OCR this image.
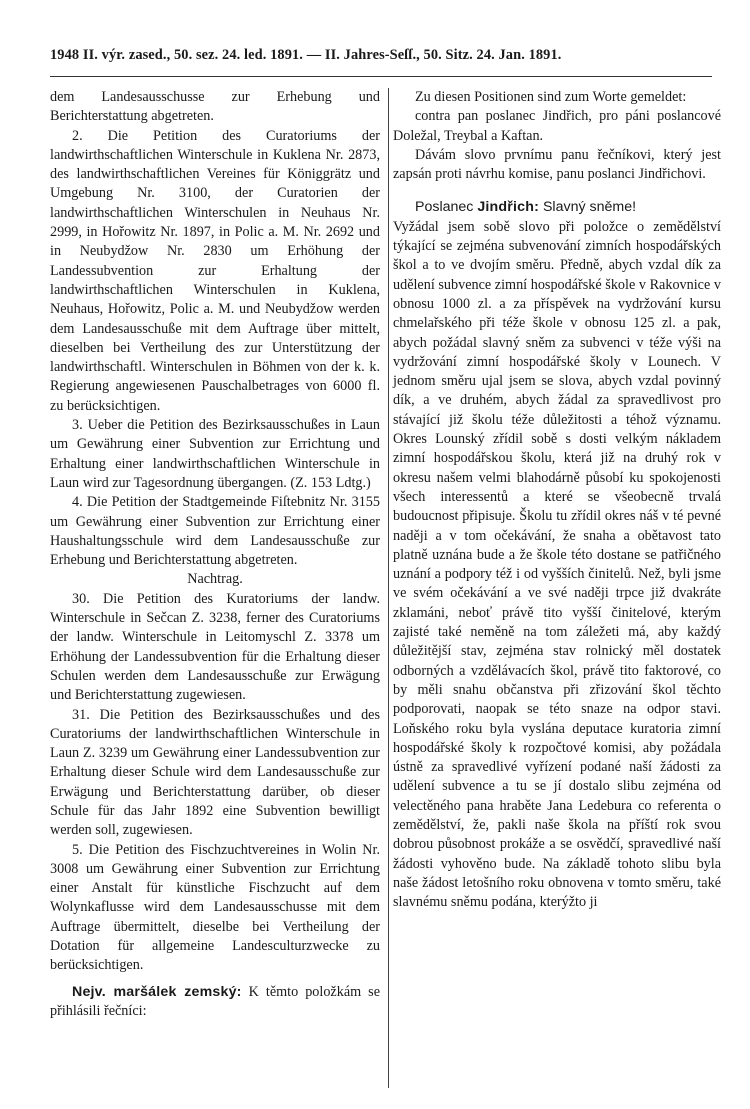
1948 II. výr. zased., 50. sez. 24. led. 1891. — II. Jahres-Seſſ., 50. Sitz. 24. Jan. 1891.

dem Landesausschusse zur Erhebung und Berichterstattung abgetreten.

2. Die Petition des Curatoriums der landwirthschaftlichen Winterschule in Kuklena Nr. 2873, des landwirthschaftlichen Vereines für Königgrätz und Umgebung Nr. 3100, der Curatorien der landwirthschaftlichen Winterschulen in Neuhaus Nr. 2999, in Hořowitz Nr. 1897, in Polic a. M. Nr. 2692 und in Neubydžow Nr. 2830 um Erhöhung der Landessubvention zur Erhaltung der landwirthschaftlichen Winterschulen in Kuklena, Neuhaus, Hořowitz, Polic a. M. und Neubydžow werden dem Landesausschuße mit dem Auftrage über mittelt, dieselben bei Vertheilung des zur Unterstützung der landwirthschaftl. Winterschulen in Böhmen von der k. k. Regierung angewiesenen Pauschalbetrages von 6000 fl. zu berücksichtigen.

3. Ueber die Petition des Bezirksausschußes in Laun um Gewährung einer Subvention zur Errichtung und Erhaltung einer landwirthschaftlichen Winterschule in Laun wird zur Tagesordnung übergangen. (Z. 153 Ldtg.)

4. Die Petition der Stadtgemeinde Fiſtebnitz Nr. 3155 um Gewährung einer Subvention zur Errichtung einer Haushaltungsschule wird dem Landesausschuße zur Erhebung und Berichterstattung abgetreten.

Nachtrag.

30. Die Petition des Kuratoriums der landw. Winterschule in Sečcan Z. 3238, ferner des Curatoriums der landw. Winterschule in Leitomyschl Z. 3378 um Erhöhung der Landessubvention für die Erhaltung dieser Schulen werden dem Landesausschuße zur Erwägung und Berichterstattung zugewiesen.

31. Die Petition des Bezirksausschußes und des Curatoriums der landwirthschaftlichen Winterschule in Laun Z. 3239 um Gewährung einer Landessubvention zur Erhaltung dieser Schule wird dem Landesausschuße zur Erwägung und Berichterstattung darüber, ob dieser Schule für das Jahr 1892 eine Subvention bewilligt werden soll, zugewiesen.

5. Die Petition des Fischzuchtvereines in Wolin Nr. 3008 um Gewährung einer Subvention zur Errichtung einer Anstalt für künstliche Fischzucht auf dem Wolynkaflusse wird dem Landesausschusse mit dem Auftrage übermittelt, dieselbe bei Vertheilung der Dotation für allgemeine Landesculturzwecke zu berücksichtigen.

Nejv. maršálek zemský: K těmto položkám se přihlásili řečníci:

Zu diesen Positionen sind zum Worte gemeldet:

contra pan poslanec Jindřich, pro páni poslancové Doležal, Treybal a Kaftan.

Dávám slovo prvnímu panu řečníkovi, který jest zapsán proti návrhu komise, panu poslanci Jindřichovi.

Poslanec Jindřich: Slavný sněme!

Vyžádal jsem sobě slovo při položce o zemědělství týkající se zejména subvenování zimních hospodářských škol a to ve dvojím směru. Předně, abych vzdal dík za udělení subvence zimní hospodářské škole v Rakovnice v obnosu 1000 zl. a za příspěvek na vydržování kursu chmelařského při téže škole v obnosu 125 zl. a pak, abych požádal slavný sněm za subvenci v téže výši na vydržování zimní hospodářské školy v Lounech. V jednom směru ujal jsem se slova, abych vzdal povinný dík, a ve druhém, abych žádal za spravedlivost pro stávající již školu téže důležitosti a téhož významu. Okres Lounský zřídil sobě s dosti velkým nákladem zimní hospodářskou školu, která již na druhý rok v okresu našem velmi blahodárně působí ku spokojenosti všech interessentů a které se všeobecně trvalá budoucnost připisuje. Školu tu zřídil okres náš v té pevné naději a v tom očekávání, že snaha a obětavost tato platně uznána bude a že škole této dostane se patřičného uznání a podpory též i od vyšších činitelů. Než, byli jsme ve svém očekávání a ve své naději trpce již dvakráte zklamáni, neboť právě tito vyšší činitelové, kterým zajisté také neměně na tom záležeti má, aby každý důležitější stav, zejména stav rolnický měl dostatek odborných a vzdělávacích škol, právě tito faktorové, co by měli snahu občanstva při zřizování škol těchto podporovati, naopak se této snaze na odpor stavi. Loňského roku byla vyslána deputace kuratoria zimní hospodářské školy k rozpočtové komisi, aby požádala ústně za spravedlivé vyřízení podané naší žádosti za udělení subvence a tu se jí dostalo slibu zejména od velectěného pana hraběte Jana Ledebura co referenta o zemědělství, že, pakli naše škola na příští rok svou dobrou působnost prokáže a se osvědčí, spravedlivé naší žádosti vyhověno bude. Na základě tohoto slibu byla naše žádost letošního roku obnovena v tomto směru, také slavnému sněmu podána, kterýžto ji
